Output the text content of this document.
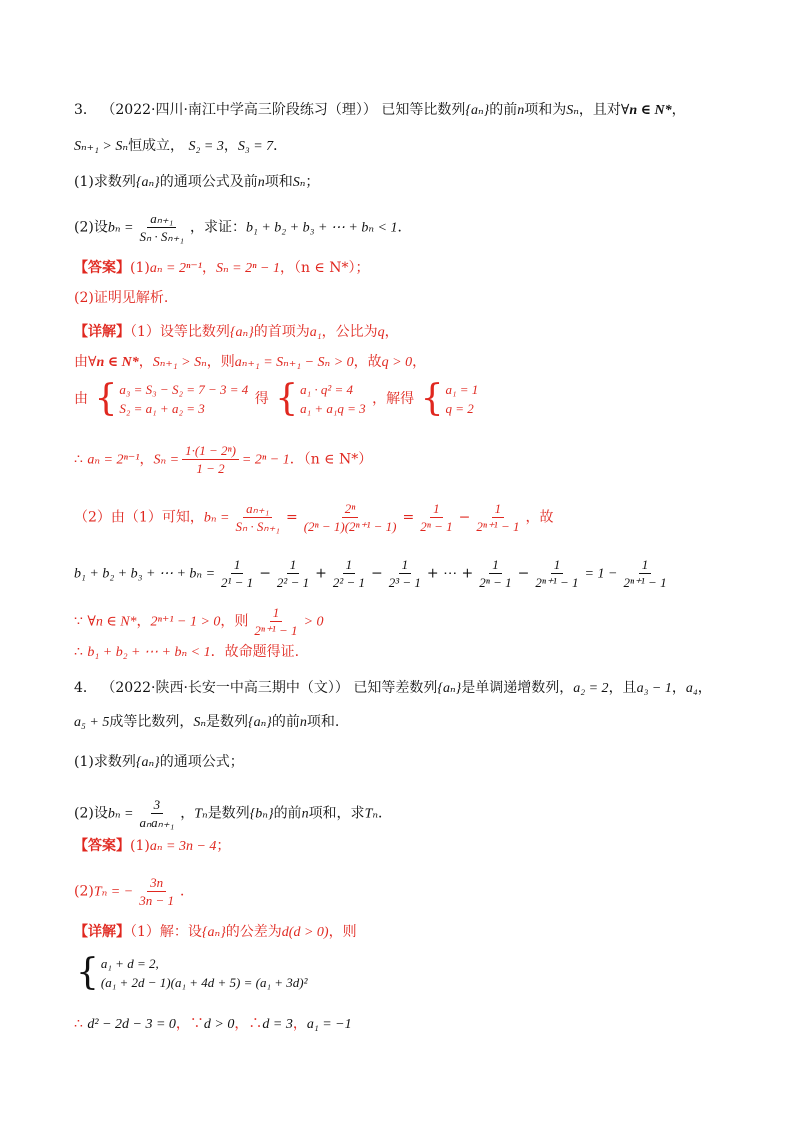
3． （2022·四川·南江中学高三阶段练习（理）） 已知等比数列{aₙ}的前n项和为Sₙ，且对∀n ∈ N*，
Sₙ₊₁ > Sₙ恒成立， S₂ = 3，S₃ = 7．
(1)求数列{aₙ}的通项公式及前n项和Sₙ；
(2)设$b_n = \frac{\text{aₙ₊₁}}{\text{Sₙ · Sₙ₊₁}}$ ，求证：b₁ + b₂ + b₃ + ⋯ + bₙ < 1．
【答案】(1)aₙ = 2ⁿ⁻¹，Sₙ = 2ⁿ − 1，（n ∈ N*）；
(2)证明见解析.
【详解】（1）设等比数列{aₙ}的首项为a₁，公比为q，
由∀n ∈ N*，Sₙ₊₁ > Sₙ，则aₙ₊₁ = Sₙ₊₁ − Sₙ > 0，故q > 0，
由 { a₃ = S₃ − S₂ = 7 − 3 = 4
S₂ = a₁ + a₂ = 3
得 { a₁ · q² = 4
a₁ + a₁q = 3
，解得 { a₁ = 1
q = 2
∴ aₙ = 2ⁿ⁻¹，$S_n = \frac{\text{1·(1 − 2ⁿ)}}{1 - 2} = 2^n - 1$．（n ∈ N*）
（2）由（1）可知，$b_n = \frac{\text{aₙ₊₁}}{\text{Sₙ · Sₙ₊₁}} = \frac{\text{2ⁿ}}{\text{(2ⁿ − 1)(2ⁿ⁺¹ − 1)}} = \frac{1}{\text{2ⁿ − 1}} - \frac{1}{\text{2ⁿ⁺¹ − 1}}$ ，故
b₁ + b₂ + b₃ + ⋯ + $b_n = \frac{1}{\text{2¹ − 1}} - \frac{1}{\text{2² − 1}} + \frac{1}{\text{2² − 1}} - \frac{1}{\text{2³ − 1}}$ + ⋯ + $\frac{1}{\text{2ⁿ − 1}} - \frac{1}{\text{2ⁿ⁺¹ − 1}} = 1 - \frac{1}{\text{2ⁿ⁺¹ − 1}}$
∵ ∀n ∈ N*，2ⁿ⁺¹ − 1 > 0，则 $\frac{1}{\text{2ⁿ⁺¹ − 1}} > 0$
∴ b₁ + b₂ + ⋯ + bₙ < 1．故命题得证.
4． （2022·陕西·长安一中高三期中（文）） 已知等差数列{aₙ}是单调递增数列，a₂ = 2，且a₃ − 1，a₄，
a₅ + 5成等比数列，Sₙ是数列{aₙ}的前n项和.
(1)求数列{aₙ}的通项公式；
(2)设$b_n = \frac{3}{\text{aₙaₙ₊₁}}$ ，Tₙ是数列{bₙ}的前n项和，求Tₙ．
【答案】(1)aₙ = 3n − 4；
(2)Tₙ = − $\frac{3n}{3n - 1}$ ．
【详解】（1）解：设{aₙ}的公差为d(d > 0)，则
{ a₁ + d = 2,
(a₁ + 2d − 1)(a₁ + 4d + 5) = (a₁ + 3d)²
∴ d² − 2d − 3 = 0，∵d > 0，∴d = 3，a₁ = −1
